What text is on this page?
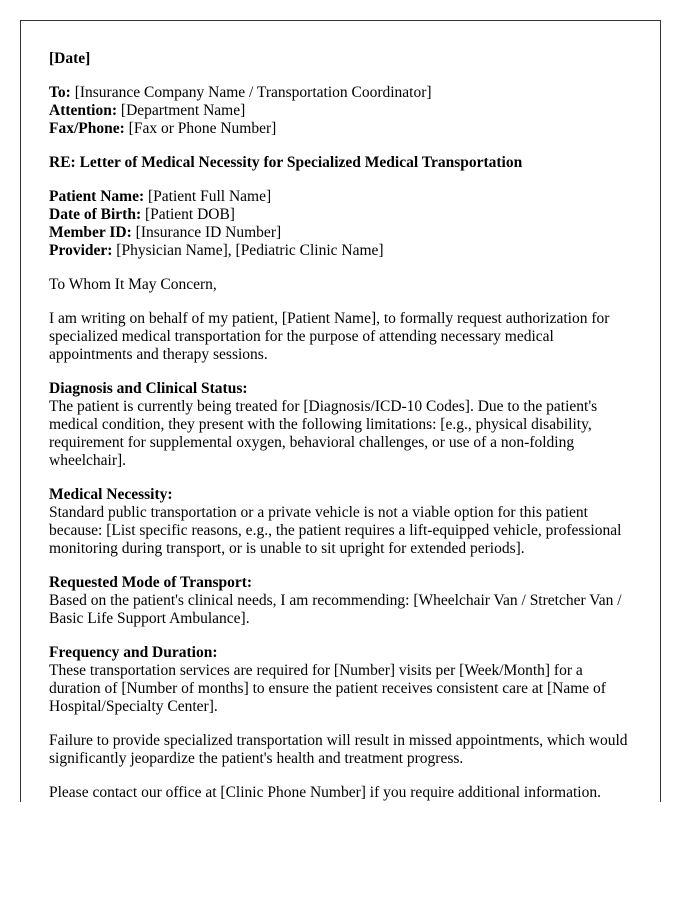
[Date]

To: [Insurance Company Name / Transportation Coordinator]
Attention: [Department Name]
Fax/Phone: [Fax or Phone Number]

RE: Letter of Medical Necessity for Specialized Medical Transportation

Patient Name: [Patient Full Name]
Date of Birth: [Patient DOB]
Member ID: [Insurance ID Number]
Provider: [Physician Name], [Pediatric Clinic Name]

To Whom It May Concern,

I am writing on behalf of my patient, [Patient Name], to formally request authorization for specialized medical transportation for the purpose of attending necessary medical appointments and therapy sessions.

Diagnosis and Clinical Status:
The patient is currently being treated for [Diagnosis/ICD-10 Codes]. Due to the patient's medical condition, they present with the following limitations: [e.g., physical disability, requirement for supplemental oxygen, behavioral challenges, or use of a non-folding wheelchair].

Medical Necessity:
Standard public transportation or a private vehicle is not a viable option for this patient because: [List specific reasons, e.g., the patient requires a lift-equipped vehicle, professional monitoring during transport, or is unable to sit upright for extended periods].

Requested Mode of Transport:
Based on the patient's clinical needs, I am recommending: [Wheelchair Van / Stretcher Van / Basic Life Support Ambulance].

Frequency and Duration:
These transportation services are required for [Number] visits per [Week/Month] for a duration of [Number of months] to ensure the patient receives consistent care at [Name of Hospital/Specialty Center].

Failure to provide specialized transportation will result in missed appointments, which would significantly jeopardize the patient's health and treatment progress.

Please contact our office at [Clinic Phone Number] if you require additional information.
